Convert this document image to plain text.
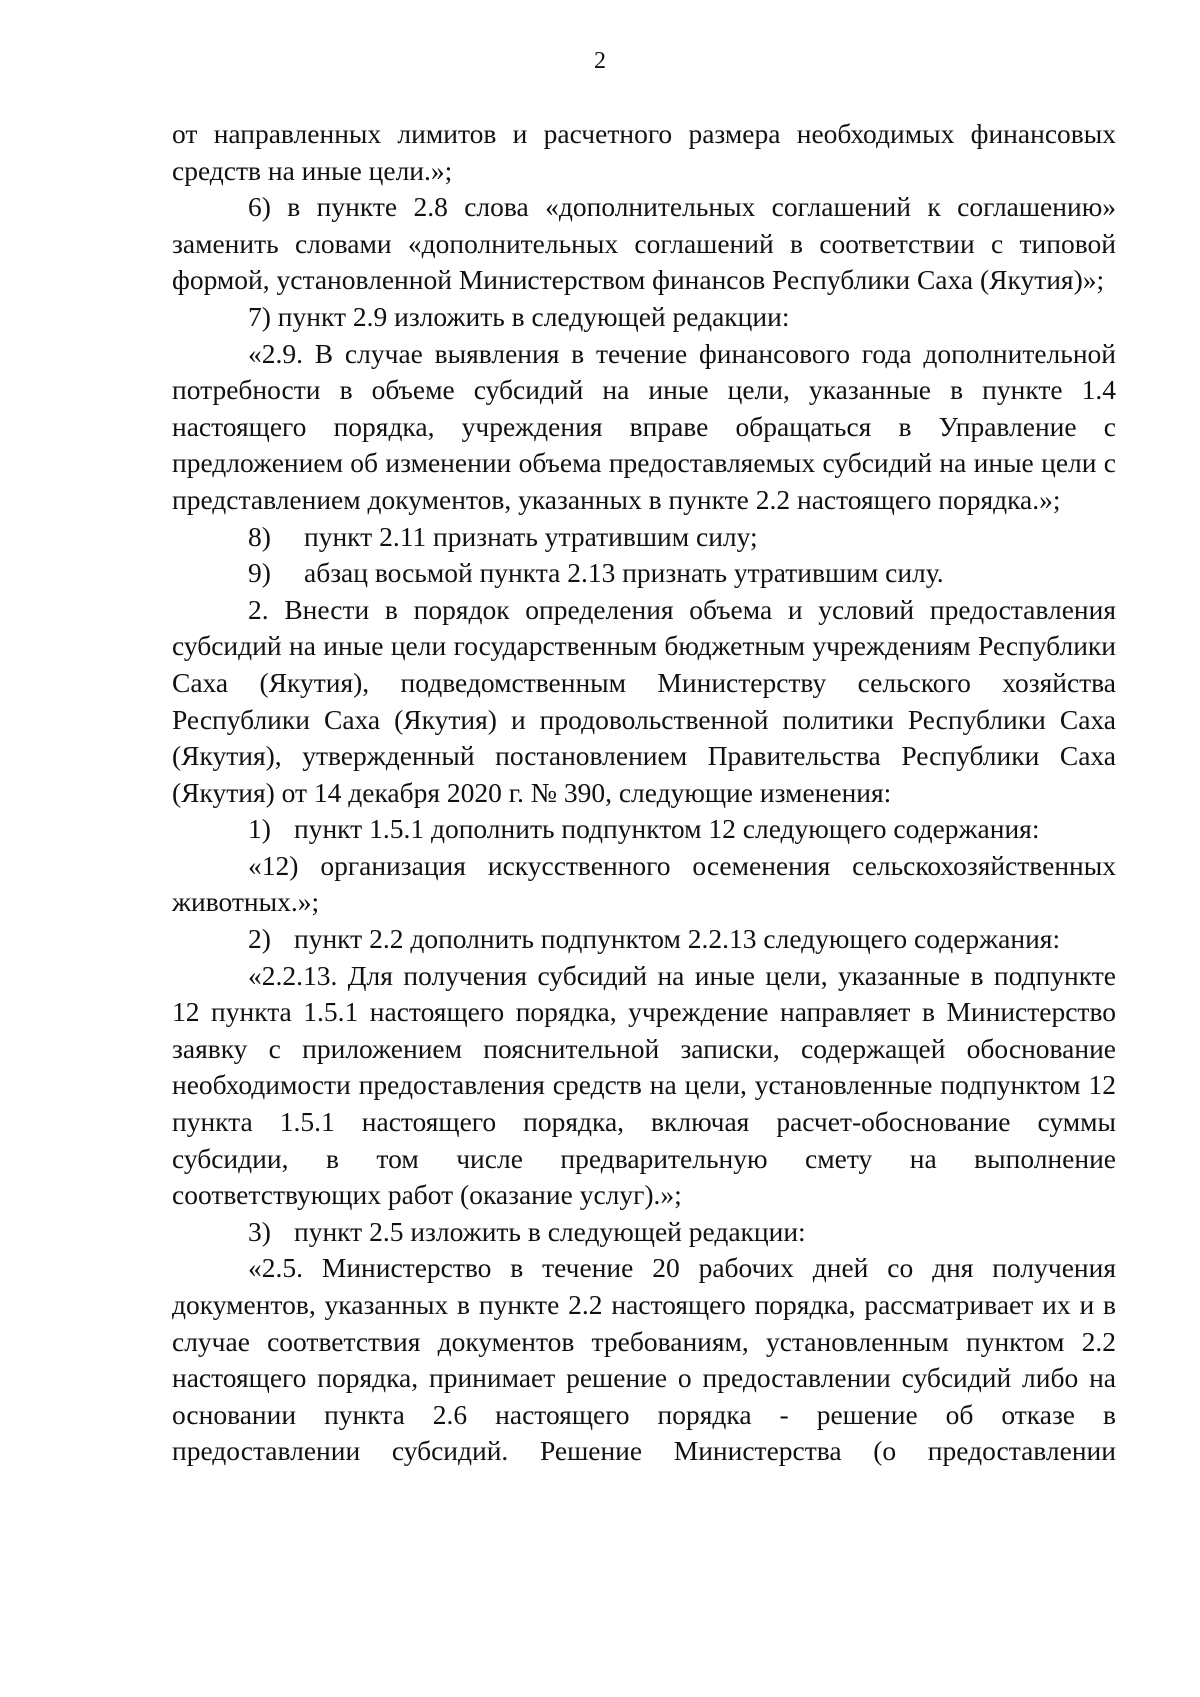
2

от направленных лимитов и расчетного размера необходимых финансовых средств на иные цели.»;

6) в пункте 2.8 слова «дополнительных соглашений к соглашению» заменить словами «дополнительных соглашений в соответствии с типовой формой, установленной Министерством финансов Республики Саха (Якутия)»;

7) пункт 2.9 изложить в следующей редакции:

«2.9. В случае выявления в течение финансового года дополнительной потребности в объеме субсидий на иные цели, указанные в пункте 1.4 настоящего порядка, учреждения вправе обращаться в Управление с предложением об изменении объема предоставляемых субсидий на иные цели с представлением документов, указанных в пункте 2.2 настоящего порядка.»;

8) пункт 2.11 признать утратившим силу;

9) абзац восьмой пункта 2.13 признать утратившим силу.

2. Внести в порядок определения объема и условий предоставления субсидий на иные цели государственным бюджетным учреждениям Республики Саха (Якутия), подведомственным Министерству сельского хозяйства Республики Саха (Якутия) и продовольственной политики Республики Саха (Якутия), утвержденный постановлением Правительства Республики Саха (Якутия) от 14 декабря 2020 г. № 390, следующие изменения:

1) пункт 1.5.1 дополнить подпунктом 12 следующего содержания:

«12) организация искусственного осеменения сельскохозяйственных животных.»;

2) пункт 2.2 дополнить подпунктом 2.2.13 следующего содержания:

«2.2.13. Для получения субсидий на иные цели, указанные в подпункте 12 пункта 1.5.1 настоящего порядка, учреждение направляет в Министерство заявку с приложением пояснительной записки, содержащей обоснование необходимости предоставления средств на цели, установленные подпунктом 12 пункта 1.5.1 настоящего порядка, включая расчет-обоснование суммы субсидии, в том числе предварительную смету на выполнение соответствующих работ (оказание услуг).»;

3) пункт 2.5 изложить в следующей редакции:

«2.5. Министерство в течение 20 рабочих дней со дня получения документов, указанных в пункте 2.2 настоящего порядка, рассматривает их и в случае соответствия документов требованиям, установленным пунктом 2.2 настоящего порядка, принимает решение о предоставлении субсидий либо на основании пункта 2.6 настоящего порядка - решение об отказе в предоставлении субсидий. Решение Министерства (о предоставлении
